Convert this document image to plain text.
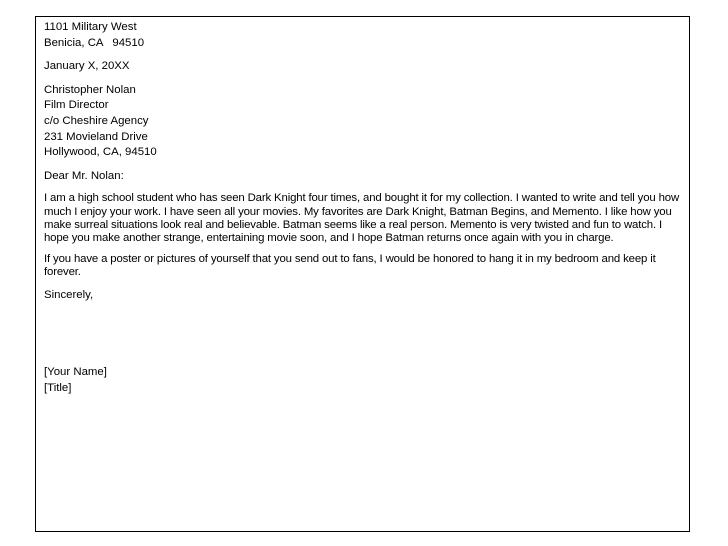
1101 Military West
Benicia, CA   94510
January X, 20XX
Christopher Nolan
Film Director
c/o Cheshire Agency
231 Movieland Drive
Hollywood, CA, 94510
Dear Mr. Nolan:

I am a high school student who has seen Dark Knight four times, and bought it for my collection. I wanted to write and tell you how much I enjoy your work. I have seen all your movies. My favorites are Dark Knight, Batman Begins, and Memento. I like how you make surreal situations look real and believable. Batman seems like a real person. Memento is very twisted and fun to watch. I hope you make another strange, entertaining movie soon, and I hope Batman returns once again with you in charge.

If you have a poster or pictures of yourself that you send out to fans, I would be honored to hang it in my bedroom and keep it forever.

Sincerely,
[Your Name]
[Title]
